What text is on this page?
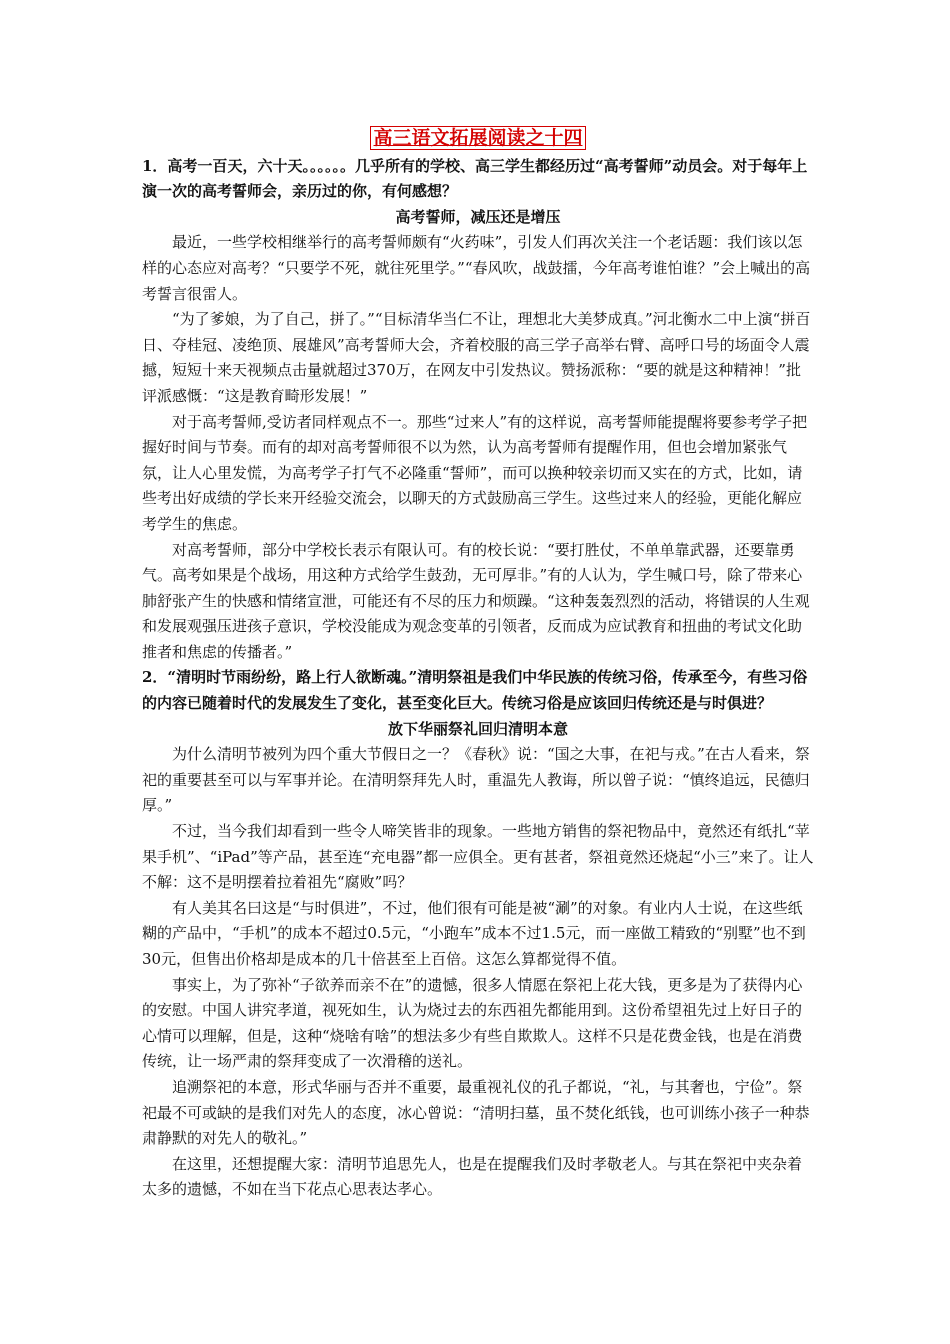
高三语文拓展阅读之十四

1．高考一百天，六十天。。。。。。几乎所有的学校、高三学生都经历过“高考誓师”动员会。对于每年上演一次的高考誓师会，亲历过的你，有何感想？

高考誓师，减压还是增压

最近，一些学校相继举行的高考誓师颇有“火药味”，引发人们再次关注一个老话题：我们该以怎样的心态应对高考？“只要学不死，就往死里学。”“春风吹，战鼓擂，今年高考谁怕谁？”会上喊出的高考誓言很雷人。

“为了爹娘，为了自己，拼了。”“目标清华当仁不让，理想北大美梦成真。”河北衡水二中上演“拼百日、夺桂冠、凌绝顶、展雄风”高考誓师大会，齐着校服的高三学子高举右臂、高呼口号的场面令人震撼，短短十来天视频点击量就超过370万，在网友中引发热议。赞扬派称：“要的就是这种精神！”批评派感慨：“这是教育畸形发展！”

对于高考誓师,受访者同样观点不一。那些“过来人”有的这样说，高考誓师能提醒将要参考学子把握好时间与节奏。而有的却对高考誓师很不以为然，认为高考誓师有提醒作用，但也会增加紧张气氛，让人心里发慌，为高考学子打气不必隆重“誓师”，而可以换种较亲切而又实在的方式，比如，请些考出好成绩的学长来开经验交流会，以聊天的方式鼓励高三学生。这些过来人的经验，更能化解应考学生的焦虑。

对高考誓师，部分中学校长表示有限认可。有的校长说：“要打胜仗，不单单靠武器，还要靠勇气。高考如果是个战场，用这种方式给学生鼓劲，无可厚非。”有的人认为，学生喊口号，除了带来心肺舒张产生的快感和情绪宣泄，可能还有不尽的压力和烦躁。“这种轰轰烈烈的活动，将错误的人生观和发展观强压进孩子意识，学校没能成为观念变革的引领者，反而成为应试教育和扭曲的考试文化助推者和焦虑的传播者。”

2．“清明时节雨纷纷，路上行人欲断魂。”清明祭祖是我们中华民族的传统习俗，传承至今，有些习俗的内容已随着时代的发展发生了变化，甚至变化巨大。传统习俗是应该回归传统还是与时俱进？

放下华丽祭礼回归清明本意

为什么清明节被列为四个重大节假日之一？《春秋》说：“国之大事，在祀与戎。”在古人看来，祭祀的重要甚至可以与军事并论。在清明祭拜先人时，重温先人教诲，所以曾子说：“慎终追远，民德归厚。”

不过，当今我们却看到一些令人啼笑皆非的现象。一些地方销售的祭祀物品中，竟然还有纸扎“苹果手机”、“iPad”等产品，甚至连“充电器”都一应俱全。更有甚者，祭祖竟然还烧起“小三”来了。让人不解：这不是明摆着拉着祖先“腐败”吗？

有人美其名曰这是“与时俱进”，不过，他们很有可能是被“涮”的对象。有业内人士说，在这些纸糊的产品中，“手机”的成本不超过0.5元，“小跑车”成本不过1.5元，而一座做工精致的“别墅”也不到30元，但售出价格却是成本的几十倍甚至上百倍。这怎么算都觉得不值。

事实上，为了弥补“子欲养而亲不在”的遗憾，很多人情愿在祭祀上花大钱，更多是为了获得内心的安慰。中国人讲究孝道，视死如生，认为烧过去的东西祖先都能用到。这份希望祖先过上好日子的心情可以理解，但是，这种“烧啥有啥”的想法多少有些自欺欺人。这样不只是花费金钱，也是在消费传统，让一场严肃的祭拜变成了一次滑稽的送礼。

追溯祭祀的本意，形式华丽与否并不重要，最重视礼仪的孔子都说，“礼，与其奢也，宁俭”。祭祀最不可或缺的是我们对先人的态度，冰心曾说：“清明扫墓，虽不焚化纸钱，也可训练小孩子一种恭肃静默的对先人的敬礼。”

在这里，还想提醒大家：清明节追思先人，也是在提醒我们及时孝敬老人。与其在祭祀中夹杂着太多的遗憾，不如在当下花点心思表达孝心。
